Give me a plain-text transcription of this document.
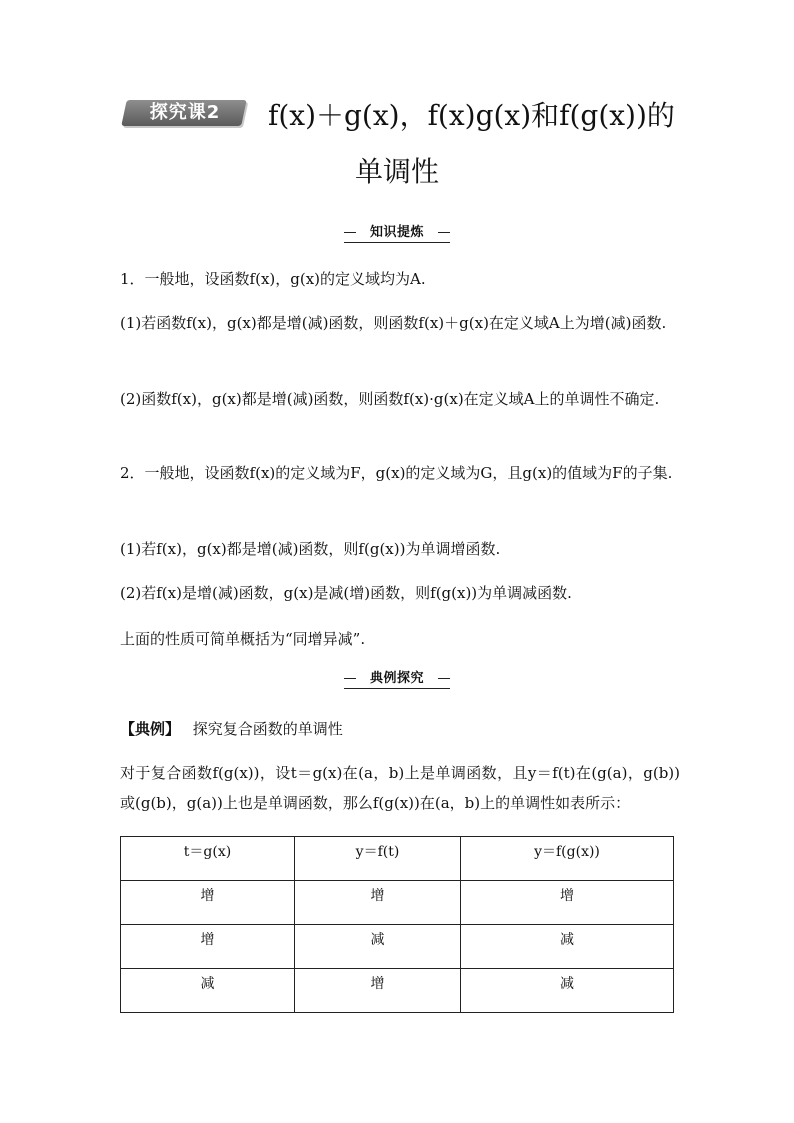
探究课2	f(x)＋g(x)，f(x)g(x)和f(g(x))的
单调性
知识提炼
1．一般地，设函数f(x)，g(x)的定义域均为A.
(1)若函数f(x)，g(x)都是增(减)函数，则函数f(x)＋g(x)在定义域A上为增(减)函数.
(2)函数f(x)，g(x)都是增(减)函数，则函数f(x)·g(x)在定义域A上的单调性不确定.
2．一般地，设函数f(x)的定义域为F，g(x)的定义域为G，且g(x)的值域为F的子集.
(1)若f(x)，g(x)都是增(减)函数，则f(g(x))为单调增函数.
(2)若f(x)是增(减)函数，g(x)是减(增)函数，则f(g(x))为单调减函数.
上面的性质可简单概括为“同增异减”.
典例探究
【典例】 探究复合函数的单调性
对于复合函数f(g(x))，设t＝g(x)在(a，b)上是单调函数，且y＝f(t)在(g(a)，g(b))或(g(b)，g(a))上也是单调函数，那么f(g(x))在(a，b)上的单调性如表所示：
t＝g(x)	y＝f(t)	y＝f(g(x))
增	增	增
增	减	减
减	增	减
